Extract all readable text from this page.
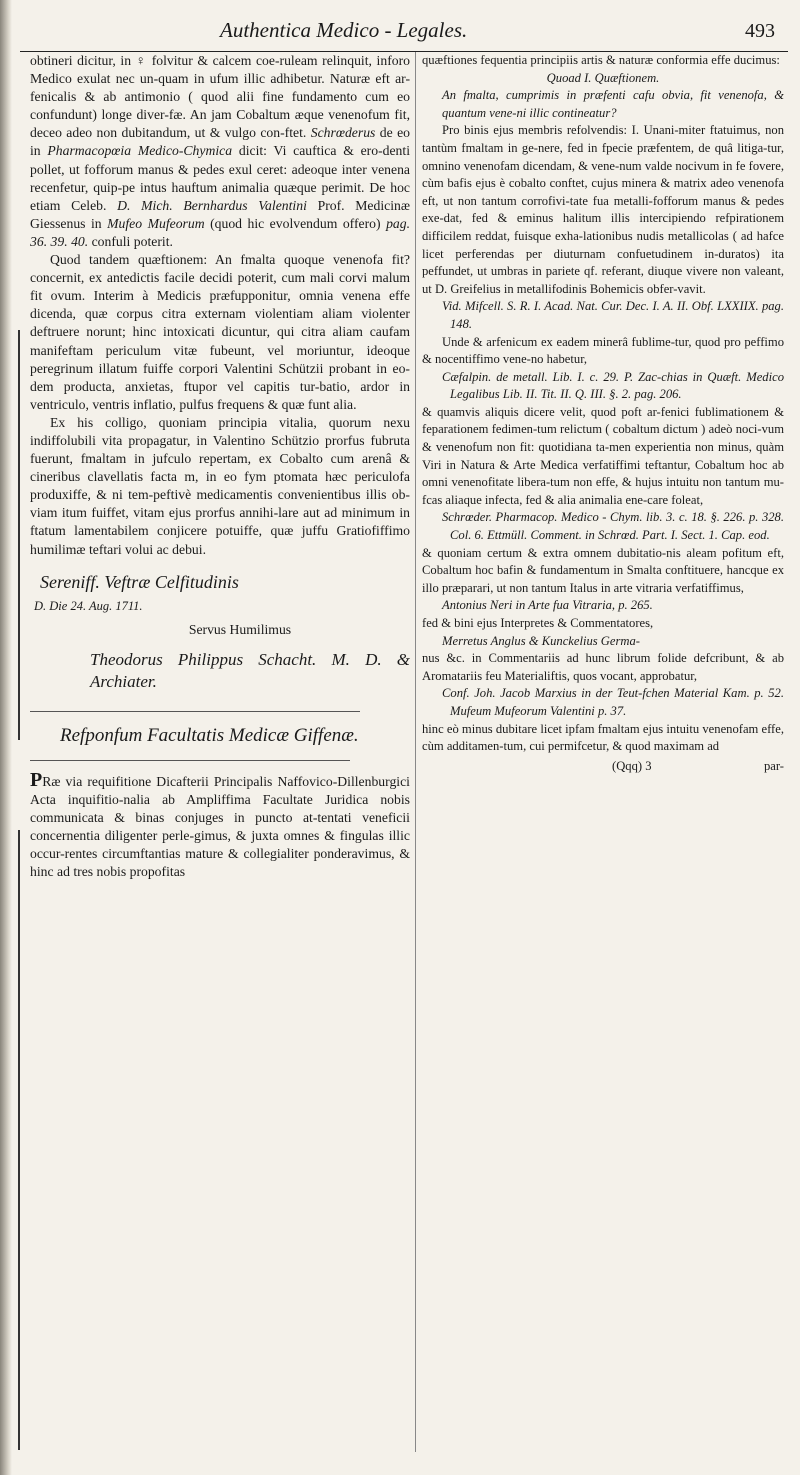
Authentica Medico - Legales.	493

obtineri dicitur, in ♀ folvitur & calcem coe-ruleam relinquit, inforo Medico exulat nec un-quam in ufum illic adhibetur. Naturæ eft ar-fenicalis & ab antimonio ( quod alii fine fundamento cum eo confundunt) longe diver-fæ. An jam Cobaltum æque venenofum fit, deceo adeo non dubitandum, ut & vulgo con-ftet. Schrœderus de eo in Pharmacopœia Medico-Chymica dicit: Vi cauftica & ero-denti pollet, ut fofforum manus & pedes exul ceret: adeoque inter venena recenfetur, quip-pe intus hauftum animalia quæque perimit. De hoc etiam Celeb. D. Mich. Bernhardus Valentini Prof. Medicinæ Giessenus in Mufeo Mufeorum (quod hic evolvendum offero) pag. 36. 39. 40. confuli poterit.

Quod tandem quæftionem: An fmalta quoque venenofa fit? concernit, ex antedictis facile decidi poterit, cum mali corvi malum fit ovum. Interim à Medicis præfupponitur, omnia venena effe dicenda, quæ corpus citra externam violentiam aliam violenter deftruere norunt; hinc intoxicati dicuntur, qui citra aliam caufam manifeftam periculum vitæ fubeunt, vel moriuntur, ideoque peregrinum illatum fuiffe corpori Valentini Schützii probant in eo-dem producta, anxietas, ftupor vel capitis tur-batio, ardor in ventriculo, ventris inflatio, pulfus frequens & quæ funt alia.

Ex his colligo, quoniam principia vitalia, quorum nexu indiffolubili vita propagatur, in Valentino Schützio prorfus fubruta fuerunt, fmaltam in jufculo repertam, ex Cobalto cum arenâ & cineribus clavellatis facta m, in eo fym ptomata hæc periculofa produxiffe, & ni tem-peftivè medicamentis convenientibus illis ob-viam itum fuiffet, vitam ejus prorfus annihi-lare aut ad minimum in ftatum lamentabilem conjicere potuiffe, quæ juffu Gratiofiffimo humilimæ teftari volui ac debui.

Sereniff. Veftræ Celfitudinis
D. Die 24. Aug. 1711.
Servus Humilimus
Theodorus Philippus Schacht. M. D. & Archiater.
Refponfum Facultatis Medicæ Giffenæ.

PRæ via requifitione Dicafterii Principalis Naffovico-Dillenburgici Acta inquifitio-nalia ab Ampliffima Facultate Juridica nobis communicata & binas conjuges in puncto at-tentati veneficii concernentia diligenter perle-gimus, & juxta omnes & fingulas illic occur-rentes circumftantias mature & collegialiter ponderavimus, & hinc ad tres nobis propofitas

quæftiones fequentia principiis artis & naturæ conformia effe ducimus:

Quoad I. Quæftionem.

An fmalta, cumprimis in præfenti cafu obvia, fit venenofa, & quantum vene-ni illic contineatur?

Pro binis ejus membris refolvendis: I. Unani-miter ftatuimus, non tantùm fmaltam in ge-nere, fed in fpecie præfentem, de quâ litiga-tur, omnino venenofam dicendam, & vene-num valde nocivum in fe fovere, cùm bafis ejus è cobalto conftet, cujus minera & matrix adeo venenofa eft, ut non tantum corrofivi-tate fua metalli-fofforum manus & pedes exe-dat, fed & eminus halitum illis intercipiendo refpirationem difficilem reddat, fuisque exha-lationibus nudis metallicolas ( ad hafce licet perferendas per diuturnam confuetudinem in-duratos) ita peffundet, ut umbras in pariete qf. referant, diuque vivere non valeant, ut D. Greifelius in metallifodinis Bohemicis obfer-vavit.

Vid. Mifcell. S. R. I. Acad. Nat. Cur. Dec. I. A. II. Obf. LXXIIX. pag. 148.

Unde & arfenicum ex eadem minerâ fublime-tur, quod pro peffimo & nocentiffimo vene-no habetur,

Cæfalpin. de metall. Lib. I. c. 29. P. Zac-chias in Quæft. Medico Legalibus Lib. II. Tit. II. Q. III. §. 2. pag. 206.

& quamvis aliquis dicere velit, quod poft ar-fenici fublimationem & feparationem fedimen-tum relictum ( cobaltum dictum ) adeò noci-vum & venenofum non fit: quotidiana ta-men experientia non minus, quàm Viri in Natura & Arte Medica verfatiffimi teftantur, Cobaltum hoc ab omni venenofitate libera-tum non effe, & hujus intuitu non tantum mu-fcas aliaque infecta, fed & alia animalia ene-care foleat,

Schrœder. Pharmacop. Medico - Chym. lib. 3. c. 18. §. 226. p. 328. Col. 6. Ettmüll. Comment. in Schrœd. Part. I. Sect. 1. Cap. eod.

& quoniam certum & extra omnem dubitatio-nis aleam pofitum eft, Cobaltum hoc bafin & fundamentum in Smalta conftituere, hancque ex illo præparari, ut non tantum Italus in arte vitraria verfatiffimus,

Antonius Neri in Arte fua Vitraria, p. 265.

fed & bini ejus Interpretes & Commentatores,

Merretus Anglus & Kunckelius Germa-

nus &c. in Commentariis ad hunc librum folide defcribunt, & ab Aromatariis feu Materialiftis, quos vocant, approbatur,

Conf. Joh. Jacob Marxius in der Teut-fchen Material Kam. p. 52. Mufeum Mufeorum Valentini p. 37.

hinc eò minus dubitare licet ipfam fmaltam ejus intuitu venenofam effe, cùm additamen-tum, cui permifcetur, & quod maximam ad

(Qqq) 3	par-
